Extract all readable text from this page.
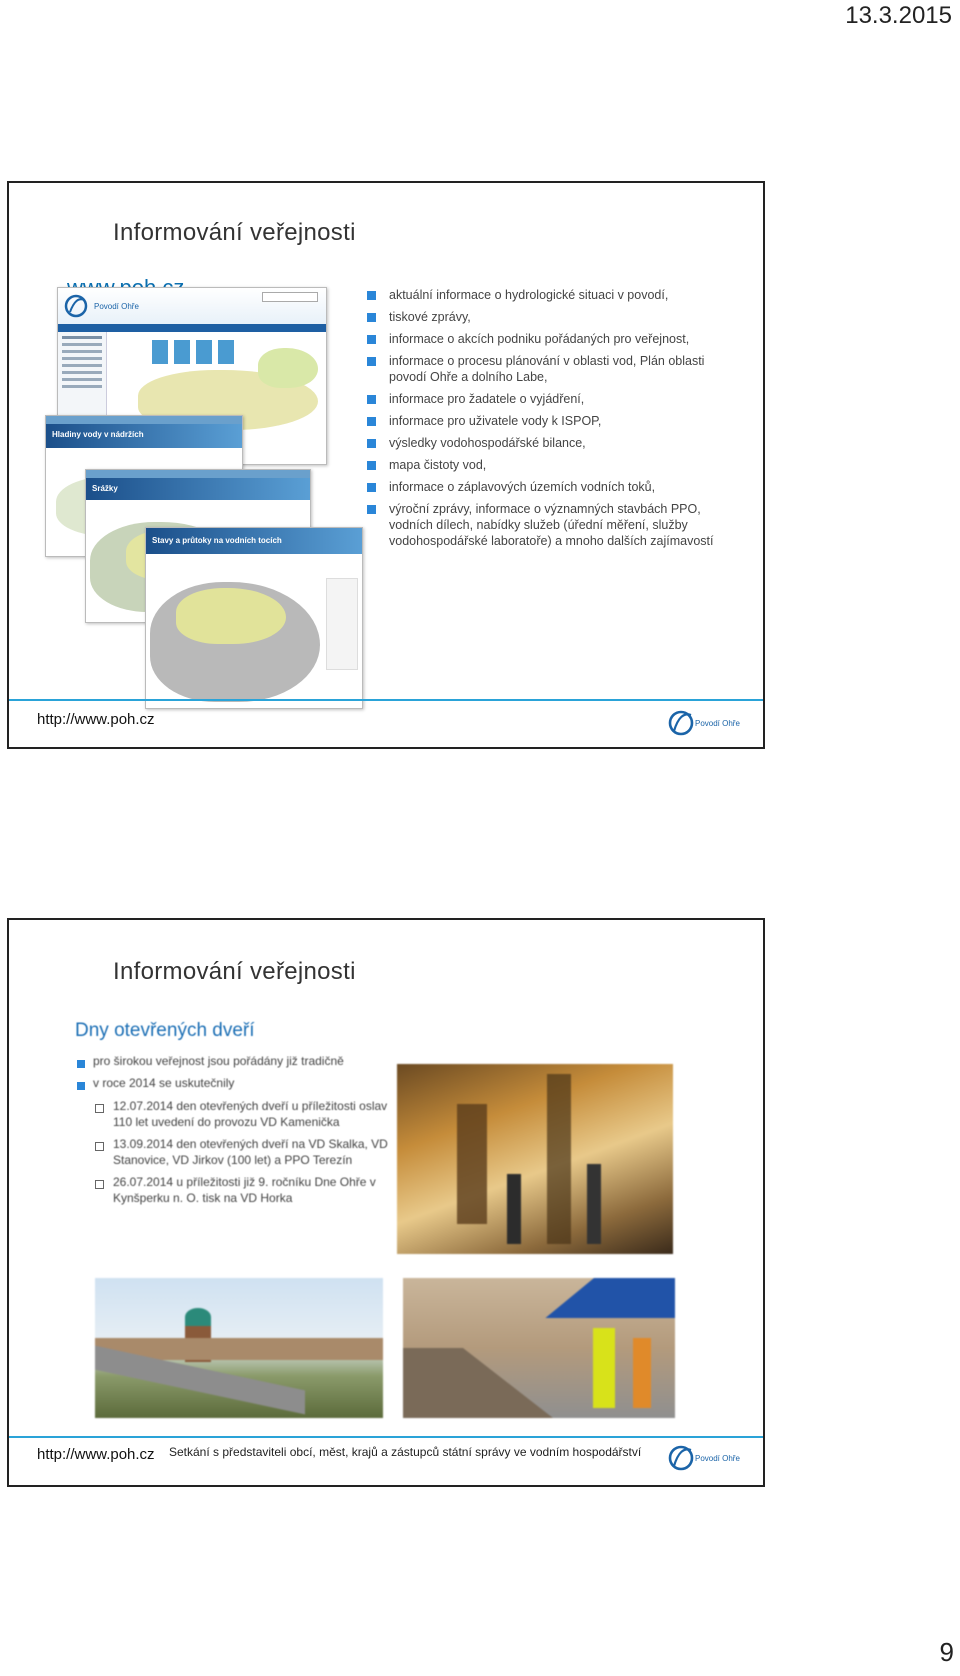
13.3.2015
Informování veřejnosti
Povodí Ohře
Hladiny vody v nádržích
Srážky
Stavy a průtoky na vodních tocích
aktuální informace o hydrologické situaci v povodí,
tiskové zprávy,
informace o akcích podniku pořádaných pro veřejnost,
informace o procesu plánování v oblasti vod, Plán oblasti povodí Ohře a dolního Labe,
informace pro žadatele o vyjádření,
informace pro uživatele vody k ISPOP,
výsledky vodohospodářské bilance,
mapa čistoty vod,
informace o záplavových územích vodních toků,
výroční zprávy, informace o významných stavbách PPO, vodních dílech, nabídky služeb (úřední měření, služby vodohospodářské laboratoře) a mnoho dalších zajímavostí
http://www.poh.cz	Povodí Ohře
Informování veřejnosti
Dny otevřených dveří
pro širokou veřejnost jsou pořádány již tradičně
v roce 2014 se uskutečnily
12.07.2014 den otevřených dveří u příležitosti oslav 110 let uvedení do provozu VD Kamenička
13.09.2014 den otevřených dveří na VD Skalka, VD Stanovice, VD Jirkov (100 let) a PPO Terezín
26.07.2014 u příležitosti již 9. ročníku Dne Ohře v Kynšperku n. O. tisk na VD Horka
http://www.poh.cz Setkání s představiteli obcí, měst, krajů a zástupců státní správy ve vodním hospodářství	Povodí Ohře
9
